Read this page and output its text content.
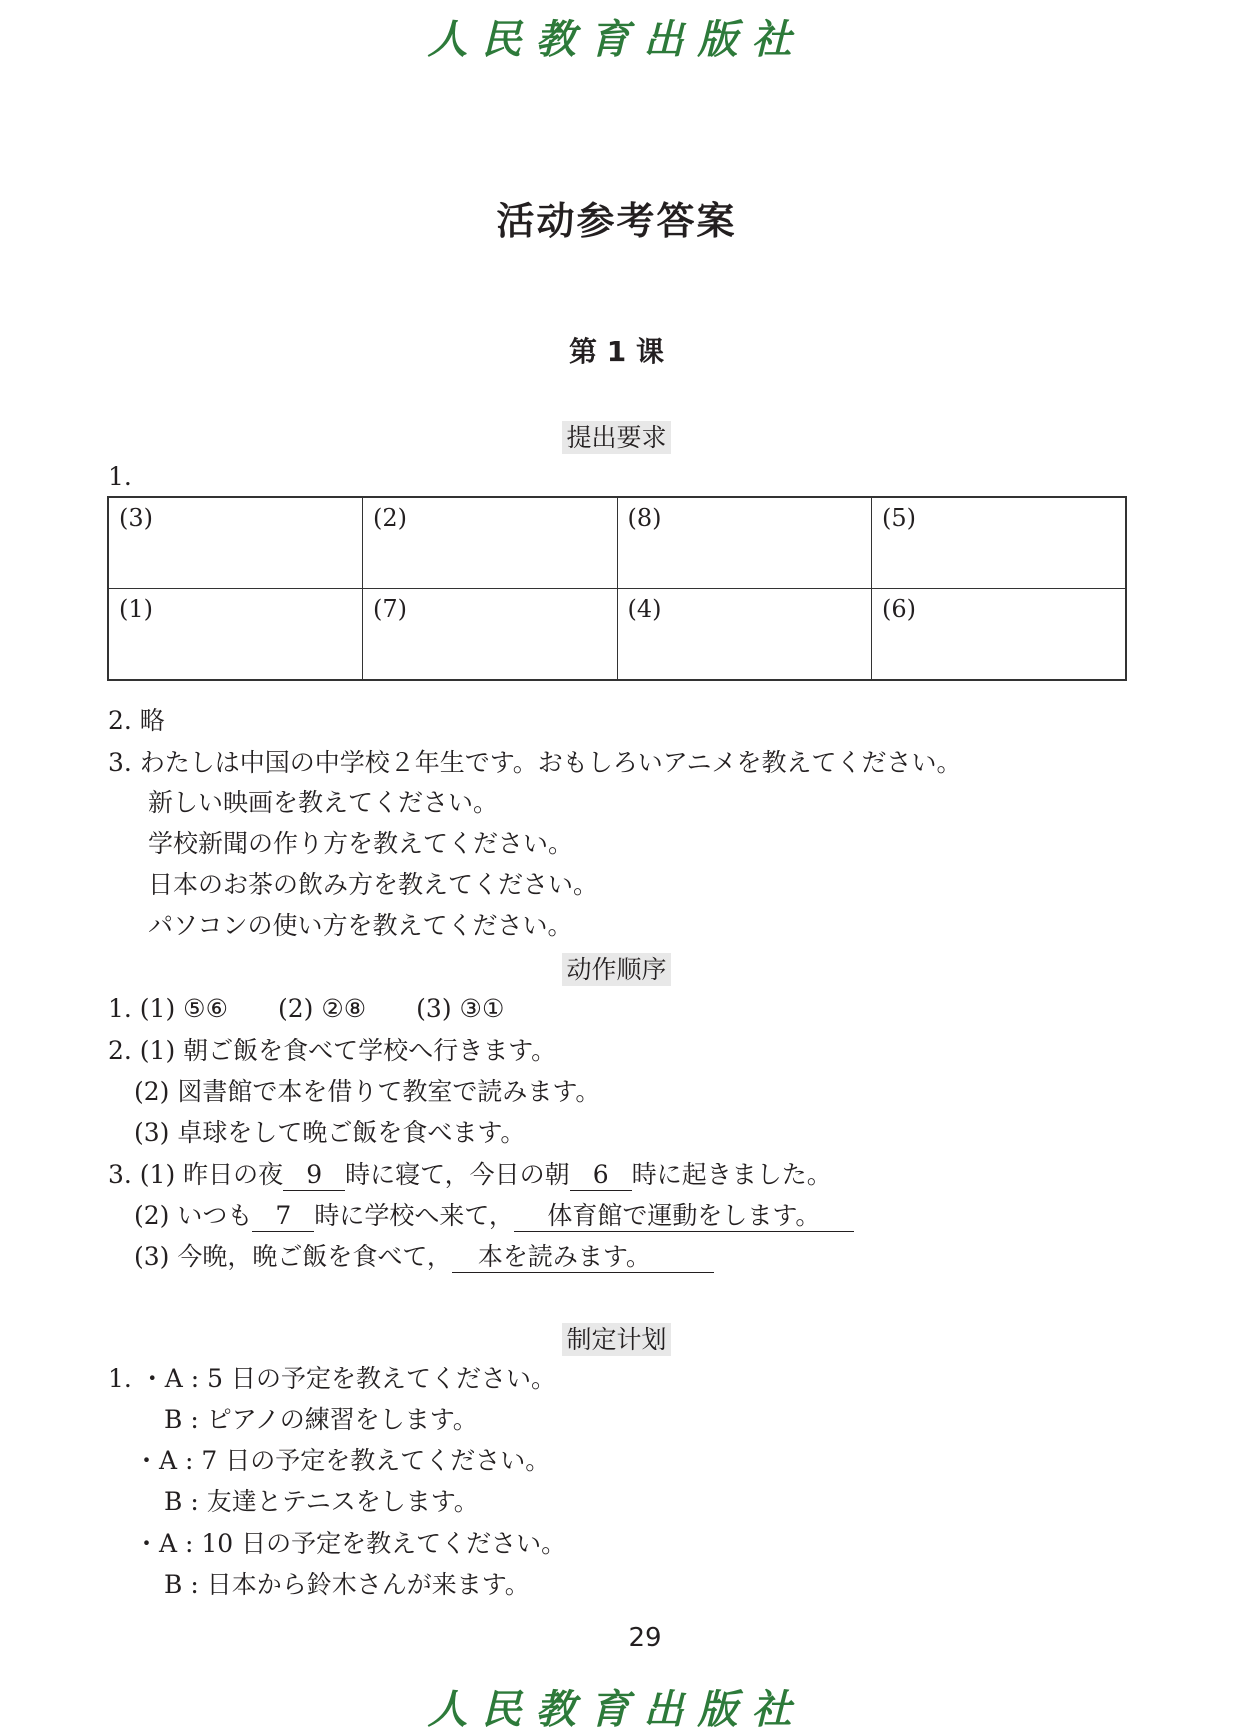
人民教育出版社
活动参考答案
第 1 课
提出要求
1.
(3)	(2)	(8)	(5)
(1)	(7)	(4)	(6)
2. 略
3. わたしは中国の中学校２年生です。おもしろいアニメを教えてください。
新しい映画を教えてください。
学校新聞の作り方を教えてください。
日本のお茶の飲み方を教えてください。
パソコンの使い方を教えてください。
动作顺序
1. (1) ⑤⑥　　(2) ②⑧　　(3) ③①
2. (1) 朝ご飯を食べて学校へ行きます。
(2) 図書館で本を借りて教室で読みます。
(3) 卓球をして晩ご飯を食べます。
3. (1) 昨日の夜 9 時に寝て，今日の朝 6 時に起きました。
(2) いつも 7 時に学校へ来て， 体育館で運動をします。
(3) 今晩，晩ご飯を食べて， 本を読みます。
制定计划
1. ・A : 5 日の予定を教えてください。
B : ピアノの練習をします。
・A : 7 日の予定を教えてください。
B : 友達とテニスをします。
・A : 10 日の予定を教えてください。
B : 日本から鈴木さんが来ます。
29
人民教育出版社
